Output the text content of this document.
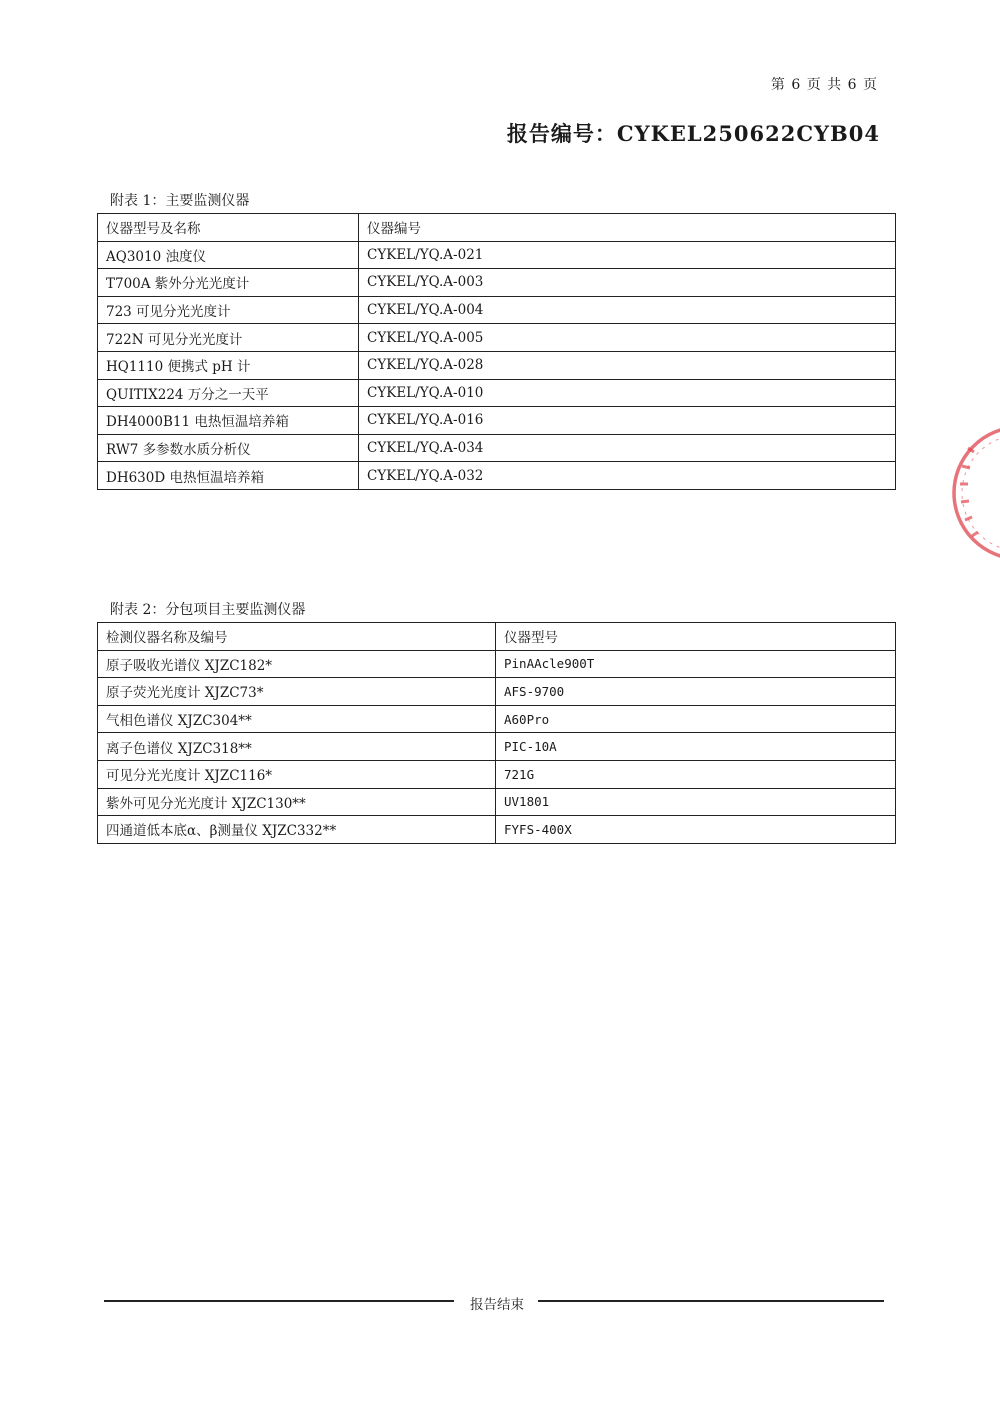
第 6 页 共 6 页
报告编号：CYKEL250622CYB04
附表 1：主要监测仪器
仪器型号及名称	仪器编号
AQ3010 浊度仪	CYKEL/YQ.A-021
T700A 紫外分光光度计	CYKEL/YQ.A-003
723 可见分光光度计	CYKEL/YQ.A-004
722N 可见分光光度计	CYKEL/YQ.A-005
HQ1110 便携式 pH 计	CYKEL/YQ.A-028
QUITIX224 万分之一天平	CYKEL/YQ.A-010
DH4000B11 电热恒温培养箱	CYKEL/YQ.A-016
RW7 多参数水质分析仪	CYKEL/YQ.A-034
DH630D 电热恒温培养箱	CYKEL/YQ.A-032
附表 2：分包项目主要监测仪器
检测仪器名称及编号	仪器型号
原子吸收光谱仪 XJZC182*	PinAAcle900T
原子荧光光度计 XJZC73*	AFS-9700
气相色谱仪 XJZC304**	A60Pro
离子色谱仪 XJZC318**	PIC-10A
可见分光光度计 XJZC116*	721G
紫外可见分光光度计 XJZC130**	UV1801
四通道低本底α、β测量仪 XJZC332**	FYFS-400X
报告结束
